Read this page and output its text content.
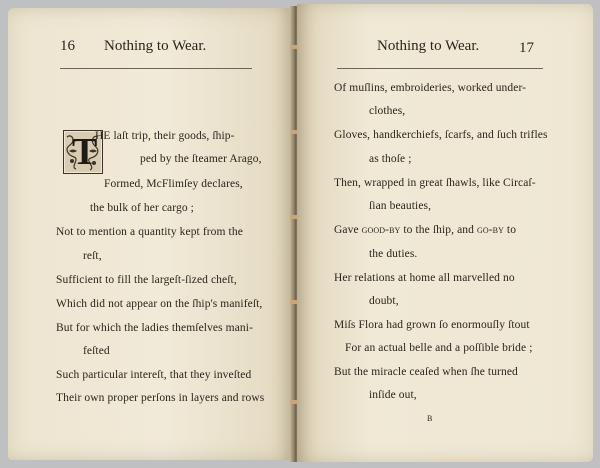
16 Nothing to Wear.
T
HE laſt trip, their goods, ſhip-
ped by the ſteamer Arago,
Formed, McFlimſey declares,
the bulk of her cargo ;
Not to mention a quantity kept from the
reſt,
Sufficient to fill the largeſt-ſized cheſt,
Which did not appear on the ſhip's manifeſt,
But for which the ladies themſelves mani-
feſted
Such particular intereſt, that they inveſted
Their own proper perſons in layers and rows
Nothing to Wear.	17
Of muſlins, embroideries, worked under-
clothes,
Gloves, handkerchiefs, ſcarfs, and ſuch trifles
as thoſe ;
Then, wrapped in great ſhawls, like Circaſ-
ſian beauties,
Gave good-by to the ſhip, and go-by to
the duties.
Her relations at home all marvelled no
doubt,
Miſs Flora had grown ſo enormouſly ſtout
For an actual belle and a poſſible bride ;
But the miracle ceaſed when ſhe turned
inſide out,
B
